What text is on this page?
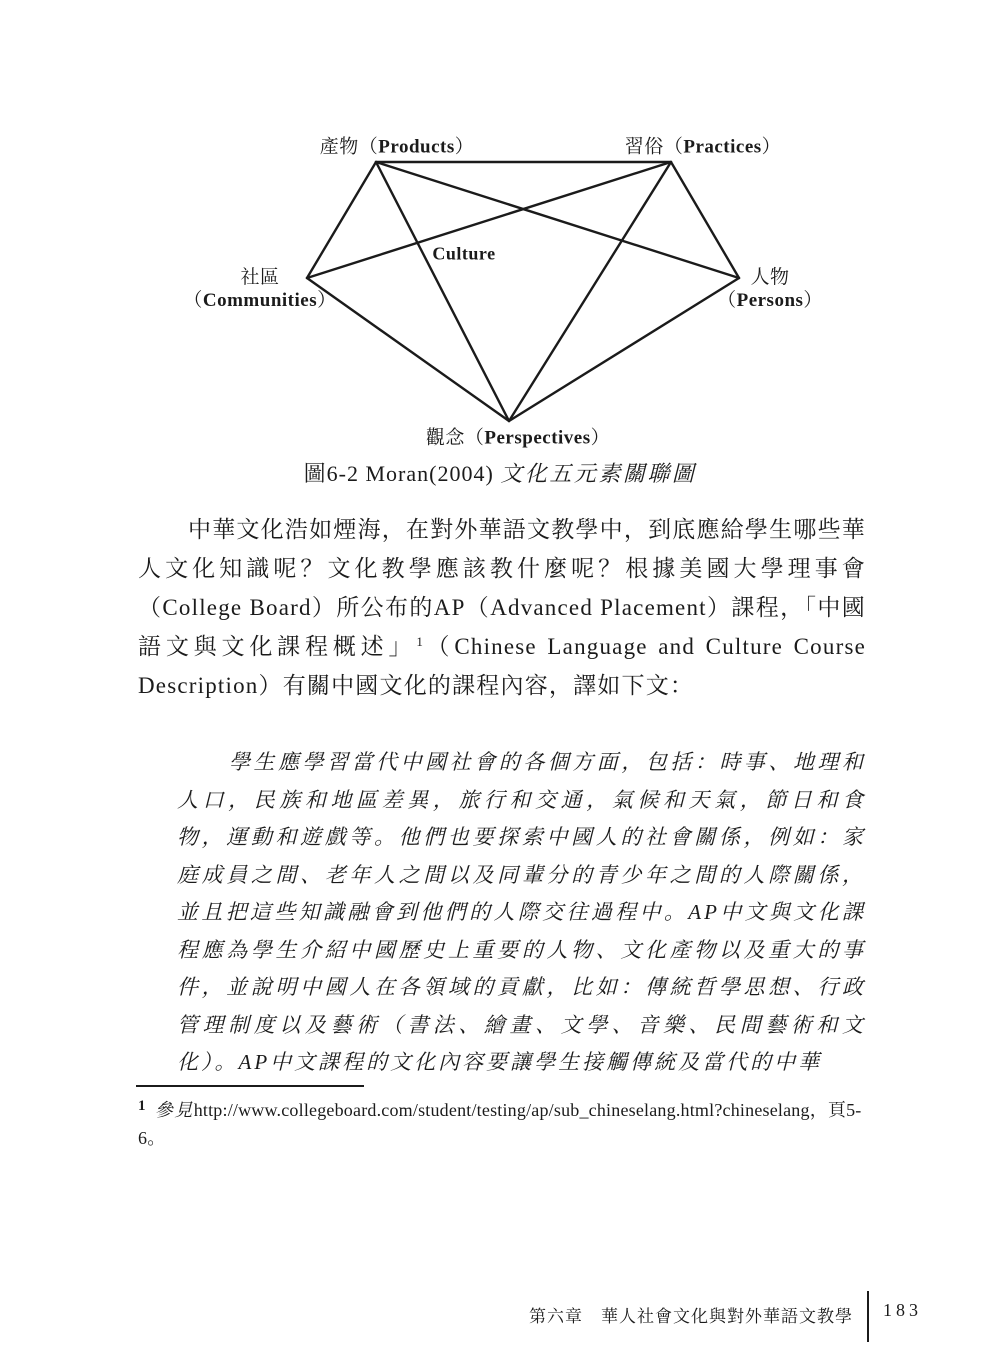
產物（Products）	習俗（Practices）
社區
（Communities）
人物
（Persons）
觀念（Perspectives）
Culture
圖6-2 Moran(2004) 文化五元素關聯圖

中華文化浩如煙海，在對外華語文教學中，到底應給學生哪些華人文化知識呢？文化教學應該教什麼呢？根據美國大學理事會（College Board）所公布的AP（Advanced Placement）課程，「中國語文與文化課程概述」$^1$（Chinese Language and Culture Course Description）有關中國文化的課程內容，譯如下文：

學生應學習當代中國社會的各個方面，包括：時事、地理和人口，民族和地區差異，旅行和交通，氣候和天氣，節日和食物，運動和遊戲等。他們也要探索中國人的社會關係，例如：家庭成員之間、老年人之間以及同輩分的青少年之間的人際關係，並且把這些知識融會到他們的人際交往過程中。AP中文與文化課程應為學生介紹中國歷史上重要的人物、文化產物以及重大的事件，並說明中國人在各領域的貢獻，比如：傳統哲學思想、行政管理制度以及藝術（書法、繪畫、文學、音樂、民間藝術和文化）。AP中文課程的文化內容要讓學生接觸傳統及當代的中華

$^1$ 參見http://www.collegeboard.com/student/testing/ap/sub_chineselang.html?chineselang，頁5-6。

第六章　華人社會文化與對外華語文教學 183
